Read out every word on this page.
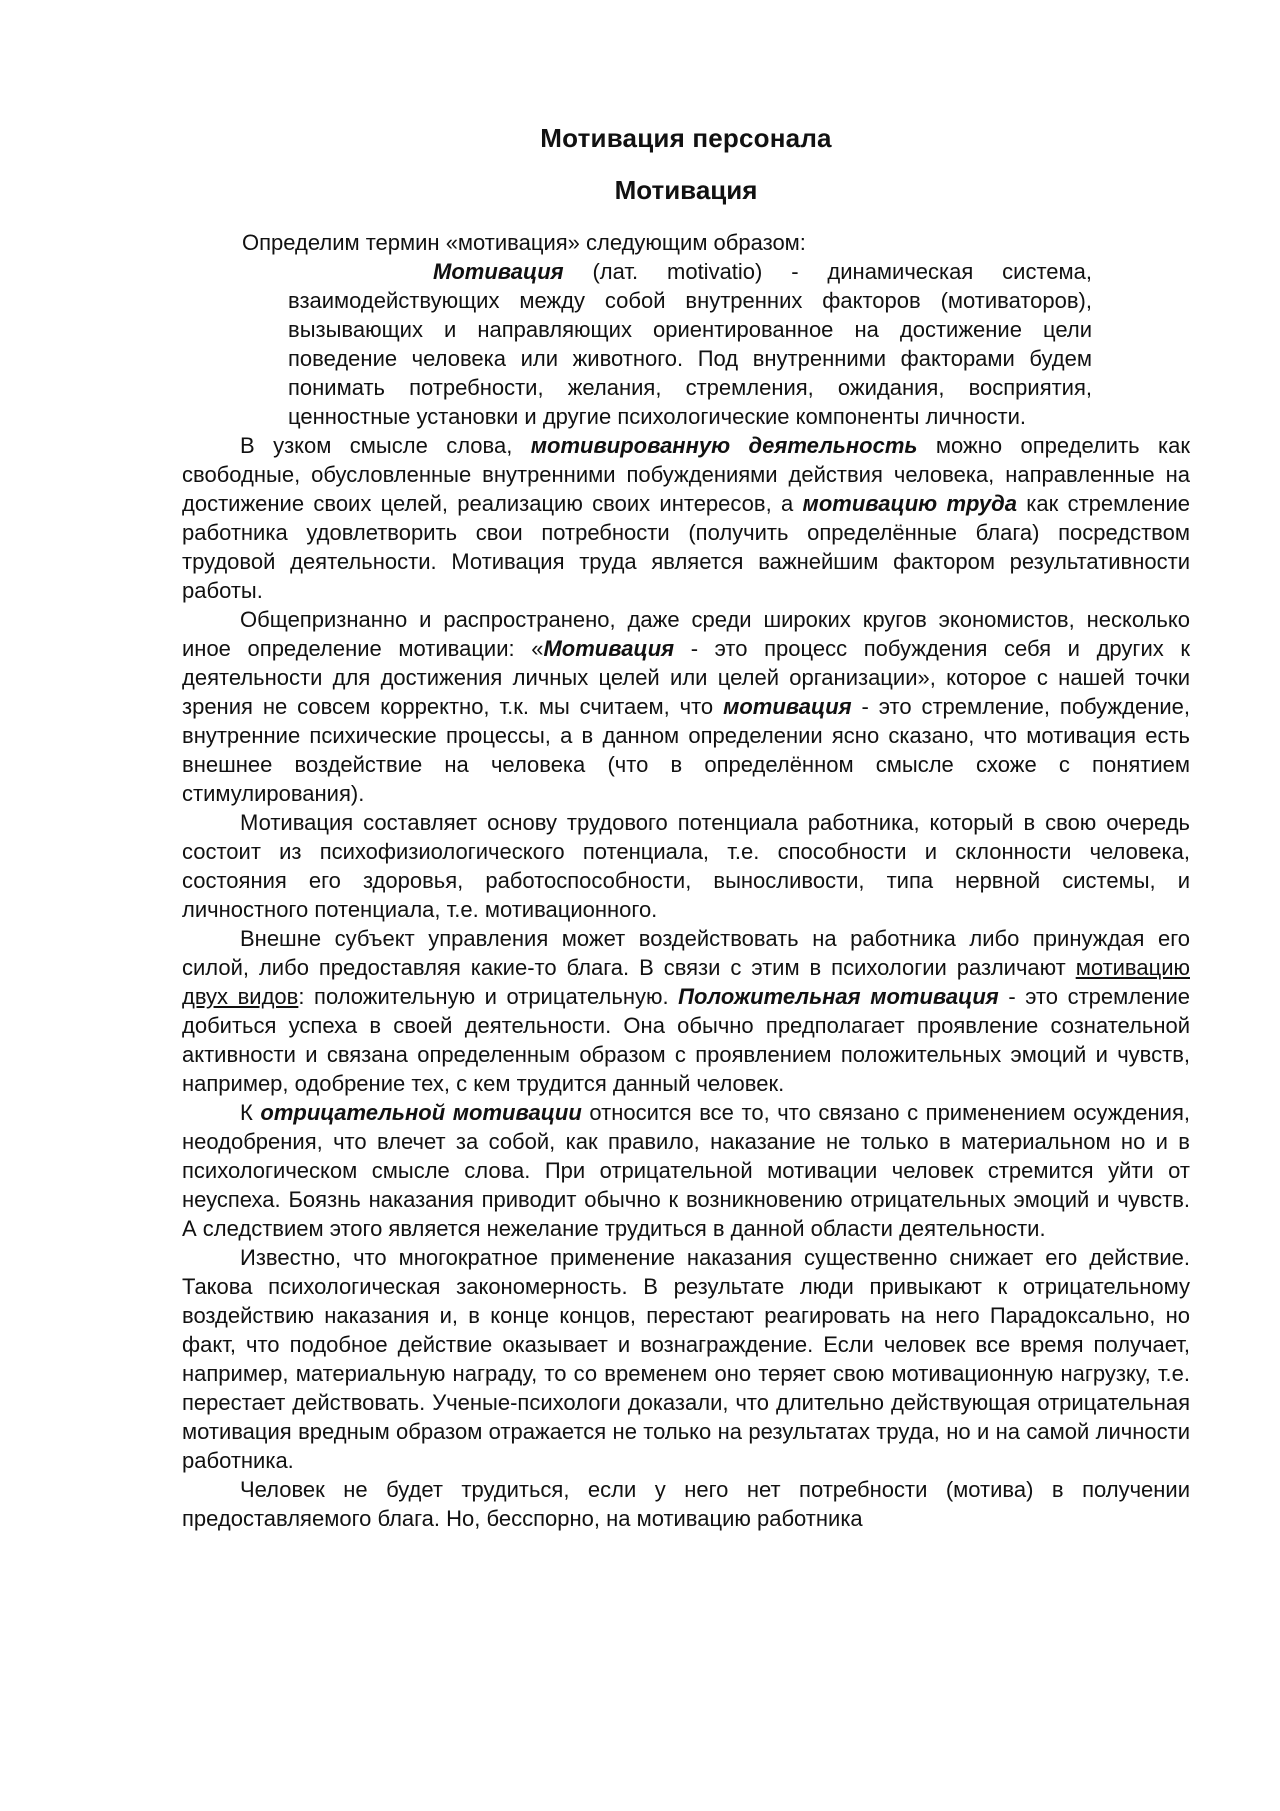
Мотивация персонала
Мотивация

Определим термин «мотивация» следующим образом:

Мотивация (лат. motivatio) - динамическая система, взаимодействующих между собой внутренних факторов (мотиваторов), вызывающих и направляющих ориентированное на достижение цели поведение человека или животного. Под внутренними факторами будем понимать потребности, желания, стремления, ожидания, восприятия, ценностные установки и другие психологические компоненты личности.

В узком смысле слова, мотивированную деятельность можно определить как свободные, обусловленные внутренними побуждениями действия человека, направленные на достижение своих целей, реализацию своих интересов, а мотивацию труда как стремление работника удовлетворить свои потребности (получить определённые блага) посредством трудовой деятельности. Мотивация труда является важнейшим фактором результативности работы.

Общепризнанно и распространено, даже среди широких кругов экономистов, несколько иное определение мотивации: «Мотивация - это процесс побуждения себя и других к деятельности для достижения личных целей или целей организации», которое с нашей точки зрения не совсем корректно, т.к. мы считаем, что мотивация - это стремление, побуждение, внутренние психические процессы, а в данном определении ясно сказано, что мотивация есть внешнее воздействие на человека (что в определённом смысле схоже с понятием стимулирования).

Мотивация составляет основу трудового потенциала работника, который в свою очередь состоит из психофизиологического потенциала, т.е. способности и склонности человека, состояния его здоровья, работоспособности, выносливости, типа нервной системы, и личностного потенциала, т.е. мотивационного.

Внешне субъект управления может воздействовать на работника либо принуждая его силой, либо предоставляя какие-то блага. В связи с этим в психологии различают мотивацию двух видов: положительную и отрицательную. Положительная мотивация - это стремление добиться успеха в своей деятельности. Она обычно предполагает проявление сознательной активности и связана определенным образом с проявлением положительных эмоций и чувств, например, одобрение тех, с кем трудится данный человек.

К отрицательной мотивации относится все то, что связано с применением осуждения, неодобрения, что влечет за собой, как правило, наказание не только в материальном но и в психологическом смысле слова. При отрицательной мотивации человек стремится уйти от неуспеха. Боязнь наказания приводит обычно к возникновению отрицательных эмоций и чувств. А следствием этого является нежелание трудиться в данной области деятельности.

Известно, что многократное применение наказания существенно снижает его действие. Такова психологическая закономерность. В результате люди привыкают к отрицательному воздействию наказания и, в конце концов, перестают реагировать на него Парадоксально, но факт, что подобное действие оказывает и вознаграждение. Если человек все время получает, например, материальную награду, то со временем оно теряет свою мотивационную нагрузку, т.е. перестает действовать. Ученые-психологи доказали, что длительно действующая отрицательная мотивация вредным образом отражается не только на результатах труда, но и на самой личности работника.

Человек не будет трудиться, если у него нет потребности (мотива) в получении предоставляемого блага. Но, бесспорно, на мотивацию работника
